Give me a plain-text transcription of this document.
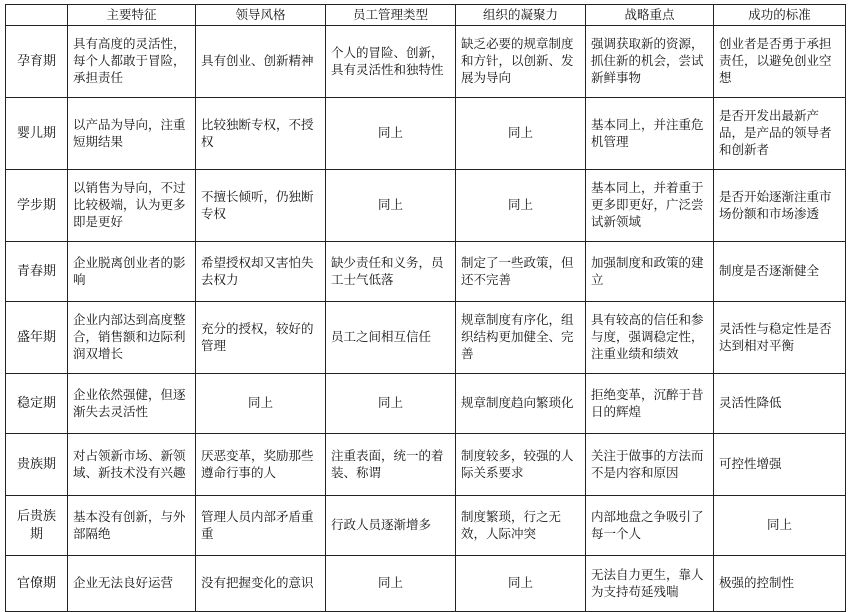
	主要特征	领导风格	员工管理类型	组织的凝聚力	战略重点	成功的标准
孕育期	具有高度的灵活性，每个人都敢于冒险，承担责任	具有创业、创新精神	个人的冒险、创新，具有灵活性和独特性	缺乏必要的规章制度和方针，以创新、发展为导向	强调获取新的资源，抓住新的机会，尝试新鲜事物	创业者是否勇于承担责任，以避免创业空想
婴儿期	以产品为导向，注重短期结果	比较独断专权，不授权	同上	同上	基本同上，并注重危机管理	是否开发出最新产品，是产品的领导者和创新者
学步期	以销售为导向，不过比较极端，认为更多即是更好	不擅长倾听，仍独断专权	同上	同上	基本同上，并着重于更多即更好，广泛尝试新领域	是否开始逐渐注重市场份额和市场渗透
青春期	企业脱离创业者的影响	希望授权却又害怕失去权力	缺少责任和义务，员工士气低落	制定了一些政策，但还不完善	加强制度和政策的建立	制度是否逐渐健全
盛年期	企业内部达到高度整合，销售额和边际利润双增长	充分的授权，较好的管理	员工之间相互信任	规章制度有序化，组织结构更加健全、完善	具有较高的信任和参与度，强调稳定性，注重业绩和绩效	灵活性与稳定性是否达到相对平衡
稳定期	企业依然强健，但逐渐失去灵活性	同上	同上	规章制度趋向繁琐化	拒绝变革，沉醉于昔日的辉煌	灵活性降低
贵族期	对占领新市场、新领域、新技术没有兴趣	厌恶变革，奖励那些遵命行事的人	注重表面，统一的着装、称谓	制度较多，较强的人际关系要求	关注于做事的方法而不是内容和原因	可控性增强
后贵族期	基本没有创新，与外部隔绝	管理人员内部矛盾重重	行政人员逐渐增多	制度繁琐，行之无效，人际冲突	内部地盘之争吸引了每一个人	同上
官僚期	企业无法良好运营	没有把握变化的意识	同上	同上	无法自力更生，靠人为支持苟延残喘	极强的控制性
